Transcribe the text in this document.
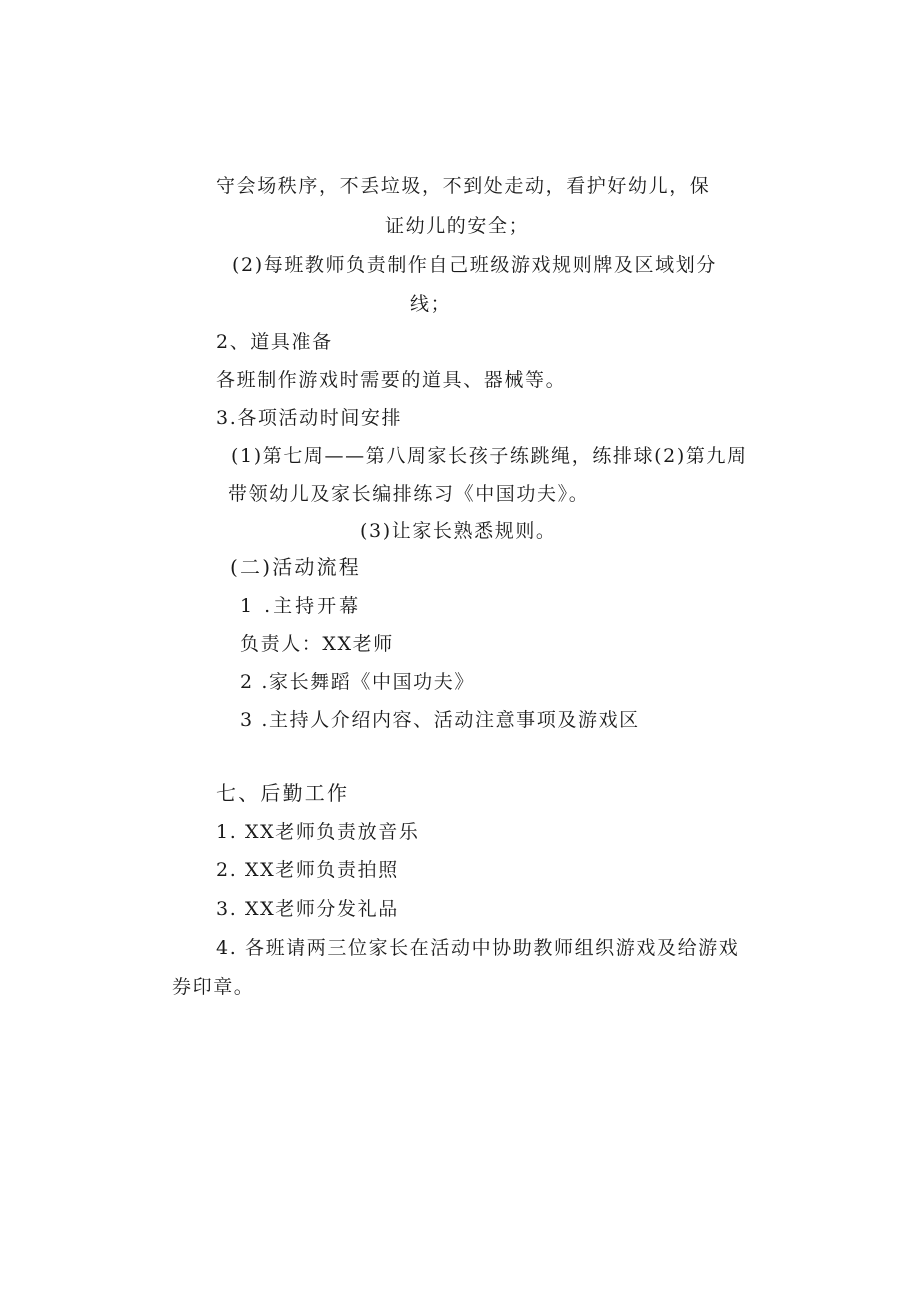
守会场秩序，不丢垃圾，不到处走动，看护好幼儿，保
证幼儿的安全；
(2)每班教师负责制作自己班级游戏规则牌及区域划分
线；
2、道具准备
各班制作游戏时需要的道具、器械等。
3.各项活动时间安排
(1)第七周——第八周家长孩子练跳绳，练排球(2)第九周
带领幼儿及家长编排练习《中国功夫》。
(3)让家长熟悉规则。
(二)活动流程
1 .主持开幕
负责人：XX老师
2 .家长舞蹈《中国功夫》
3 .主持人介绍内容、活动注意事项及游戏区
七、后勤工作
1. XX老师负责放音乐
2. XX老师负责拍照
3. XX老师分发礼品
4. 各班请两三位家长在活动中协助教师组织游戏及给游戏
券印章。
